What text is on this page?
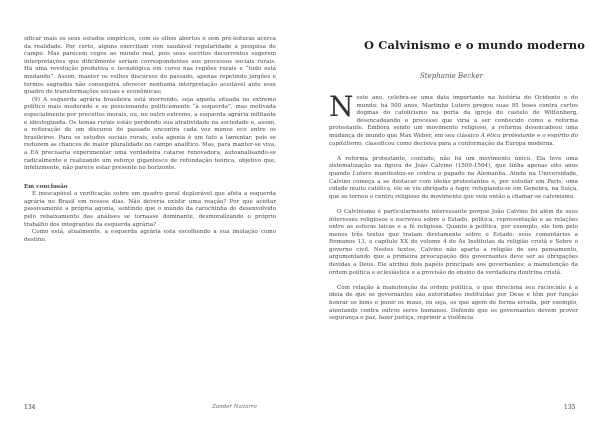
sificar mais os seus estudos empíricos, com os olhos abertos e sem pré-leituras acerca da realidade. Por certo, alguns exercitam com saudável regularidade a pesquisa de campo. Mas parecem cegos ao mundo real, pois seus escritos decorrentes sugerem interpretações que dificilmente seriam correspondentes aos processos sociais rurais. Há uma revolução produtiva e tecnológica em curso nas regiões rurais e “tudo está mudando”. Assim, manter os velhos discursos do passado, apenas repetindo jargões e termos sagrados não conseguirá oferecer nenhuma interpretação aceitável ante esse quadro de transformações sociais e econômicas;

(9) A esquerda agrária brasileira está morrendo, seja aquela situada no extremo político mais moderado e se posicionando politicamente “à esquerda”, mas motivada especialmente por preceitos morais, ou, no outro extremo, a esquerda agrária militante e ideologizada. Os temas rurais estão perdendo sua atratividade na sociedade e, assim, a reiteração de um discurso do passado encontra cada vez menos eco entre os brasileiros. Para os estudos sociais rurais, esta agonia é um fato a lamentar, pois se reduzem as chances de maior pluralidade no campo analítico. Mas, para manter-se viva, a EA precisaria experimentar uma verdadeira catarse renovadora, autoanalisando-se radicalmente e realizando um esforço gigantesco de refundação teórica, objetivo que, infelizmente, não parece estar presente no horizonte.

Em conclusão

É inescapável a verificação sobre um quadro geral deplorável que afeta a esquerda agrária no Brasil em nossos dias. Não deveria existir uma reação? Por que aceitar passivamente a própria agonia, sentindo que o mundo da carochinha do desenvolvido pelo rebaixamento das análises se tornasse dominante, desmoralizando o próprio trabalho dos integrantes da esquerda agrária?

Como está, atualmente, a esquerda agrária está escolhendo a sua imolação como destino.

134	Zander Navarro
O Calvinismo e o mundo moderno

Stephanie Becker

Neste ano, celebra-se uma data importante na história do Ocidente e do mundo: há 500 anos, Martinho Lutero pregou suas 95 teses contra certos dogmas do catolicismo na porta da igreja do castelo de Wittenberg, desencadeando o processo que viria a ser conhecido como a reforma protestante. Embora sendo um movimento religioso, a reforma desencadeou uma mudança de mundo que Max Weber, em seu clássico A ética protestante e o espírito do capitalismo, classificou como decisiva para a conformação da Europa moderna.

A reforma protestante, contudo, não foi um movimento único. Ela teve uma sistematização na figura de João Calvino (1509-1564), que tinha apenas oito anos quando Lutero manifestou-se contra o papado na Alemanha. Ainda na Universidade, Calvino começa a se destacar com ideias protestantes e, por estudar em Paris, uma cidade muito católica, ele se viu obrigado a fugir, refugiando-se em Genebra, na Suíça, que se tornou o centro religioso do movimento que veio então a chamar-se calvinismo.

O Calvinismo é particularmente interessante porque João Calvino foi além de seus interesses religiosos e escreveu sobre o Estado, política, representação e as relações entre as esferas laicas e a fé religiosa. Quanto à política, por exemplo, ele tem pelo menos três textos que tratam diretamente sobre o Estado: seus comentários a Romanos 13, o capítulo XX do volume 4 de As Institutas da religião cristã e Sobre o governo civil. Nestes textos, Calvino não aparta a religião de seu pensamento, argumentando que a primeira preocupação dos governantes deve ser as obrigações devidas a Deus. Ele atribui dois papéis principais aos governantes: a manutenção da ordem política e eclesiástica e a provisão do ensino da verdadeira doutrina cristã.

Com relação à manutenção da ordem política, o que direciona seu raciocínio é a ideia de que os governantes são autoridades instituídas por Deus e têm por função honrar os bons e punir os maus, ou seja, os que agem de forma errada, por exemplo, atentando contra outros seres humanos. Defende que os governantes devem prover segurança e paz, fazer justiça, reprimir a violência

135
